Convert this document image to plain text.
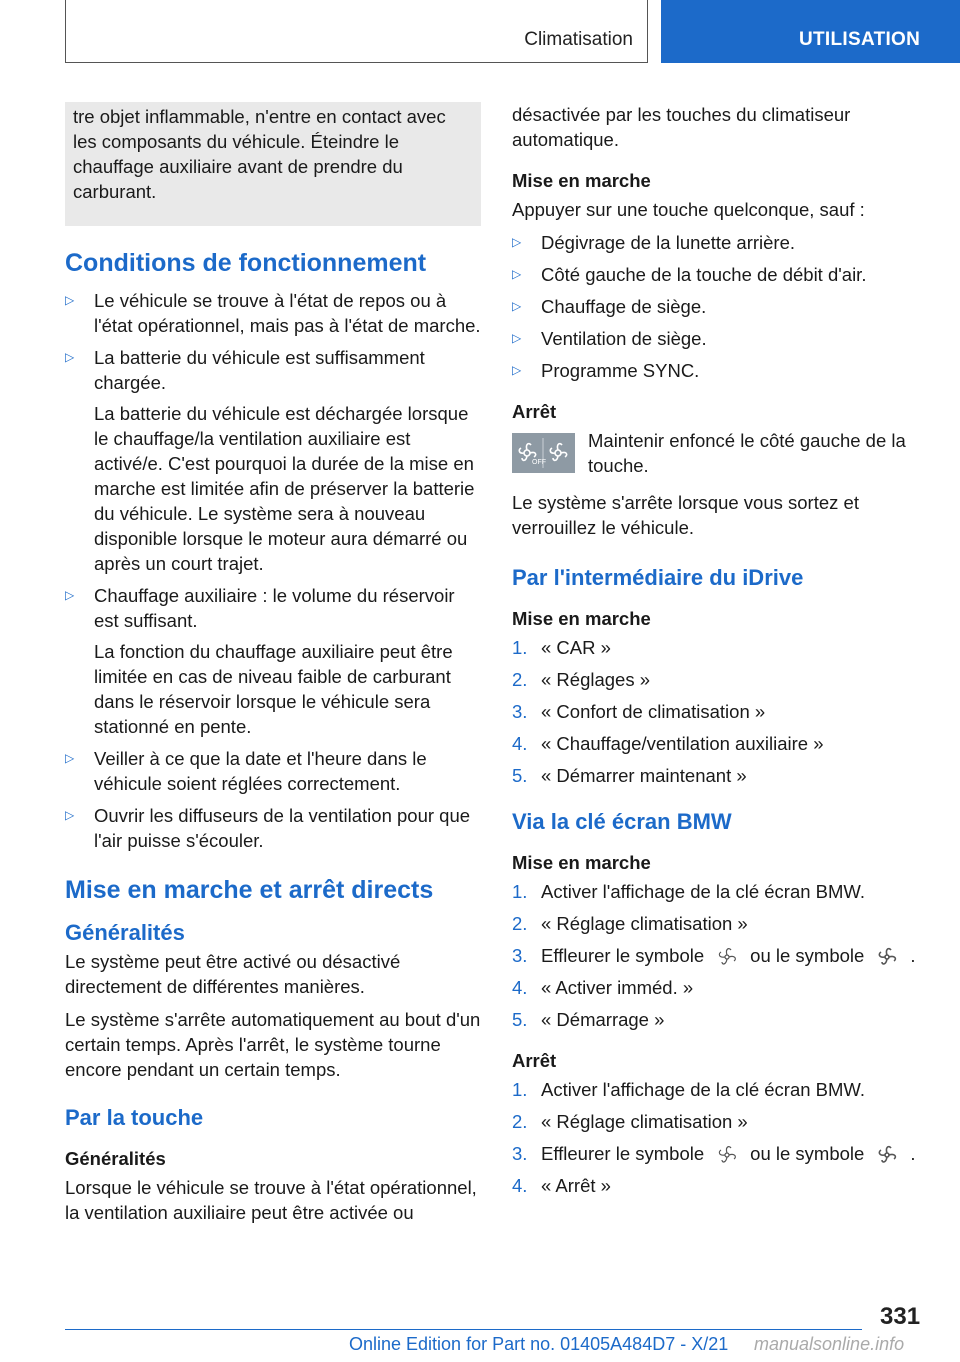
Climatisation	UTILISATION
tre objet inflammable, n'entre en contact avec les composants du véhicule. Éteindre le chauffage auxiliaire avant de prendre du carburant.
Conditions de fonctionnement
▷ Le véhicule se trouve à l'état de repos ou à l'état opérationnel, mais pas à l'état de marche.
▷ La batterie du véhicule est suffisamment chargée.
La batterie du véhicule est déchargée lorsque le chauffage/la ventilation auxiliaire est activé/e. C'est pourquoi la durée de la mise en marche est limitée afin de préserver la batterie du véhicule. Le système sera à nouveau disponible lorsque le moteur aura démarré ou après un court trajet.
▷ Chauffage auxiliaire : le volume du réservoir est suffisant.
La fonction du chauffage auxiliaire peut être limitée en cas de niveau faible de carburant dans le réservoir lorsque le véhicule sera stationné en pente.
▷ Veiller à ce que la date et l'heure dans le véhicule soient réglées correctement.
▷ Ouvrir les diffuseurs de la ventilation pour que l'air puisse s'écouler.
Mise en marche et arrêt directs
Généralités

Le système peut être activé ou désactivé directement de différentes manières.

Le système s'arrête automatiquement au bout d'un certain temps. Après l'arrêt, le système tourne encore pendant un certain temps.

Par la touche
Généralités

Lorsque le véhicule se trouve à l'état opérationnel, la ventilation auxiliaire peut être activée ou

désactivée par les touches du climatiseur automatique.

Mise en marche

Appuyer sur une touche quelconque, sauf :

▷ Dégivrage de la lunette arrière.
▷ Côté gauche de la touche de débit d'air.
▷ Chauffage de siège.
▷ Ventilation de siège.
▷ Programme SYNC.
Arrêt
OFF
Maintenir enfoncé le côté gauche de la touche.

Le système s'arrête lorsque vous sortez et verrouillez le véhicule.

Par l'intermédiaire du iDrive
Mise en marche
1. « CAR »
2. « Réglages »
3. « Confort de climatisation »
4. « Chauffage/ventilation auxiliaire »
5. « Démarrer maintenant »
Via la clé écran BMW
Mise en marche
1. Activer l'affichage de la clé écran BMW.
2. « Réglage climatisation »
3. Effleurer le symbole ou le symbole .
4. « Activer imméd. »
5. « Démarrage »
Arrêt
1. Activer l'affichage de la clé écran BMW.
2. « Réglage climatisation »
3. Effleurer le symbole ou le symbole .
4. « Arrêt »
331
Online Edition for Part no. 01405A484D7 - X/21 manualsonline.info
